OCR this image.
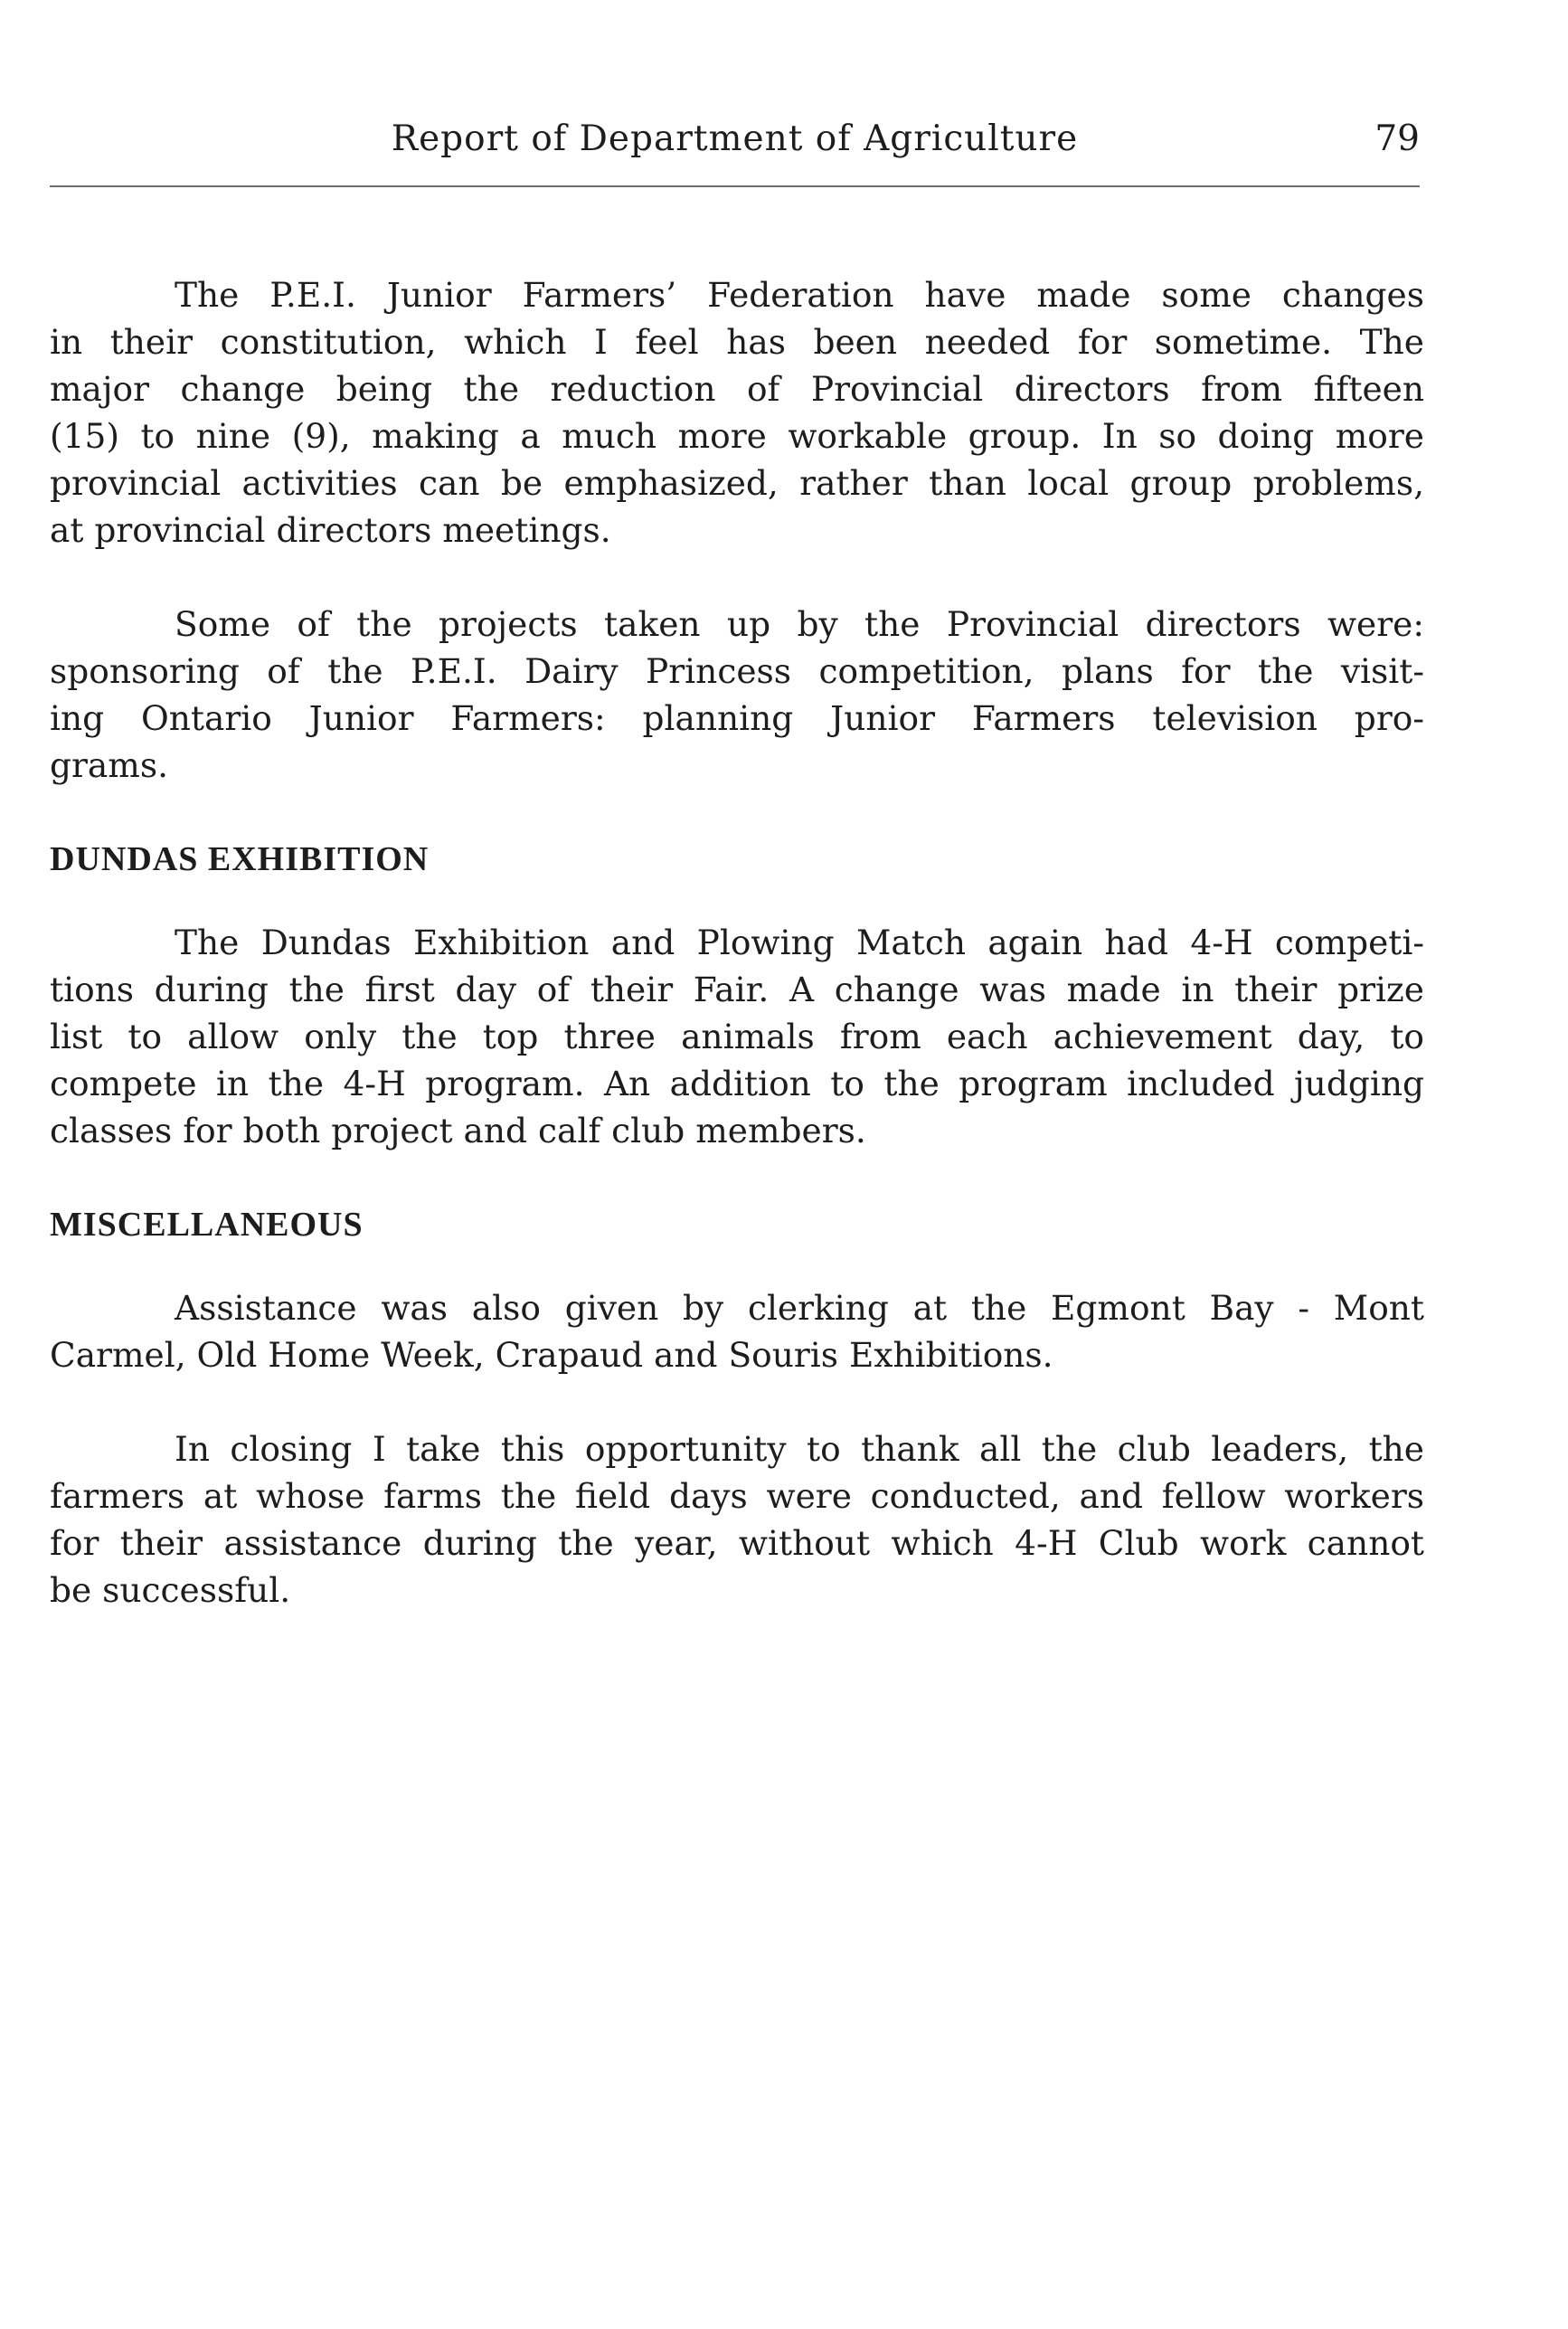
Report of Department of Agriculture	79

The P.E.I. Junior Farmers’ Federation have made some changes
in their constitution, which I feel has been needed for sometime. The
major change being the reduction of Provincial directors from fifteen
(15) to nine (9), making a much more workable group. In so doing more
provincial activities can be emphasized, rather than local group problems,
at provincial directors meetings.

Some of the projects taken up by the Provincial directors were:
sponsoring of the P.E.I. Dairy Princess competition, plans for the visit-
ing Ontario Junior Farmers: planning Junior Farmers television pro-
grams.

DUNDAS EXHIBITION

The Dundas Exhibition and Plowing Match again had 4-H competi-
tions during the first day of their Fair. A change was made in their prize
list to allow only the top three animals from each achievement day, to
compete in the 4-H program. An addition to the program included judging
classes for both project and calf club members.

MISCELLANEOUS

Assistance was also given by clerking at the Egmont Bay - Mont
Carmel, Old Home Week, Crapaud and Souris Exhibitions.

In closing I take this opportunity to thank all the club leaders, the
farmers at whose farms the field days were conducted, and fellow workers
for their assistance during the year, without which 4-H Club work cannot
be successful.
